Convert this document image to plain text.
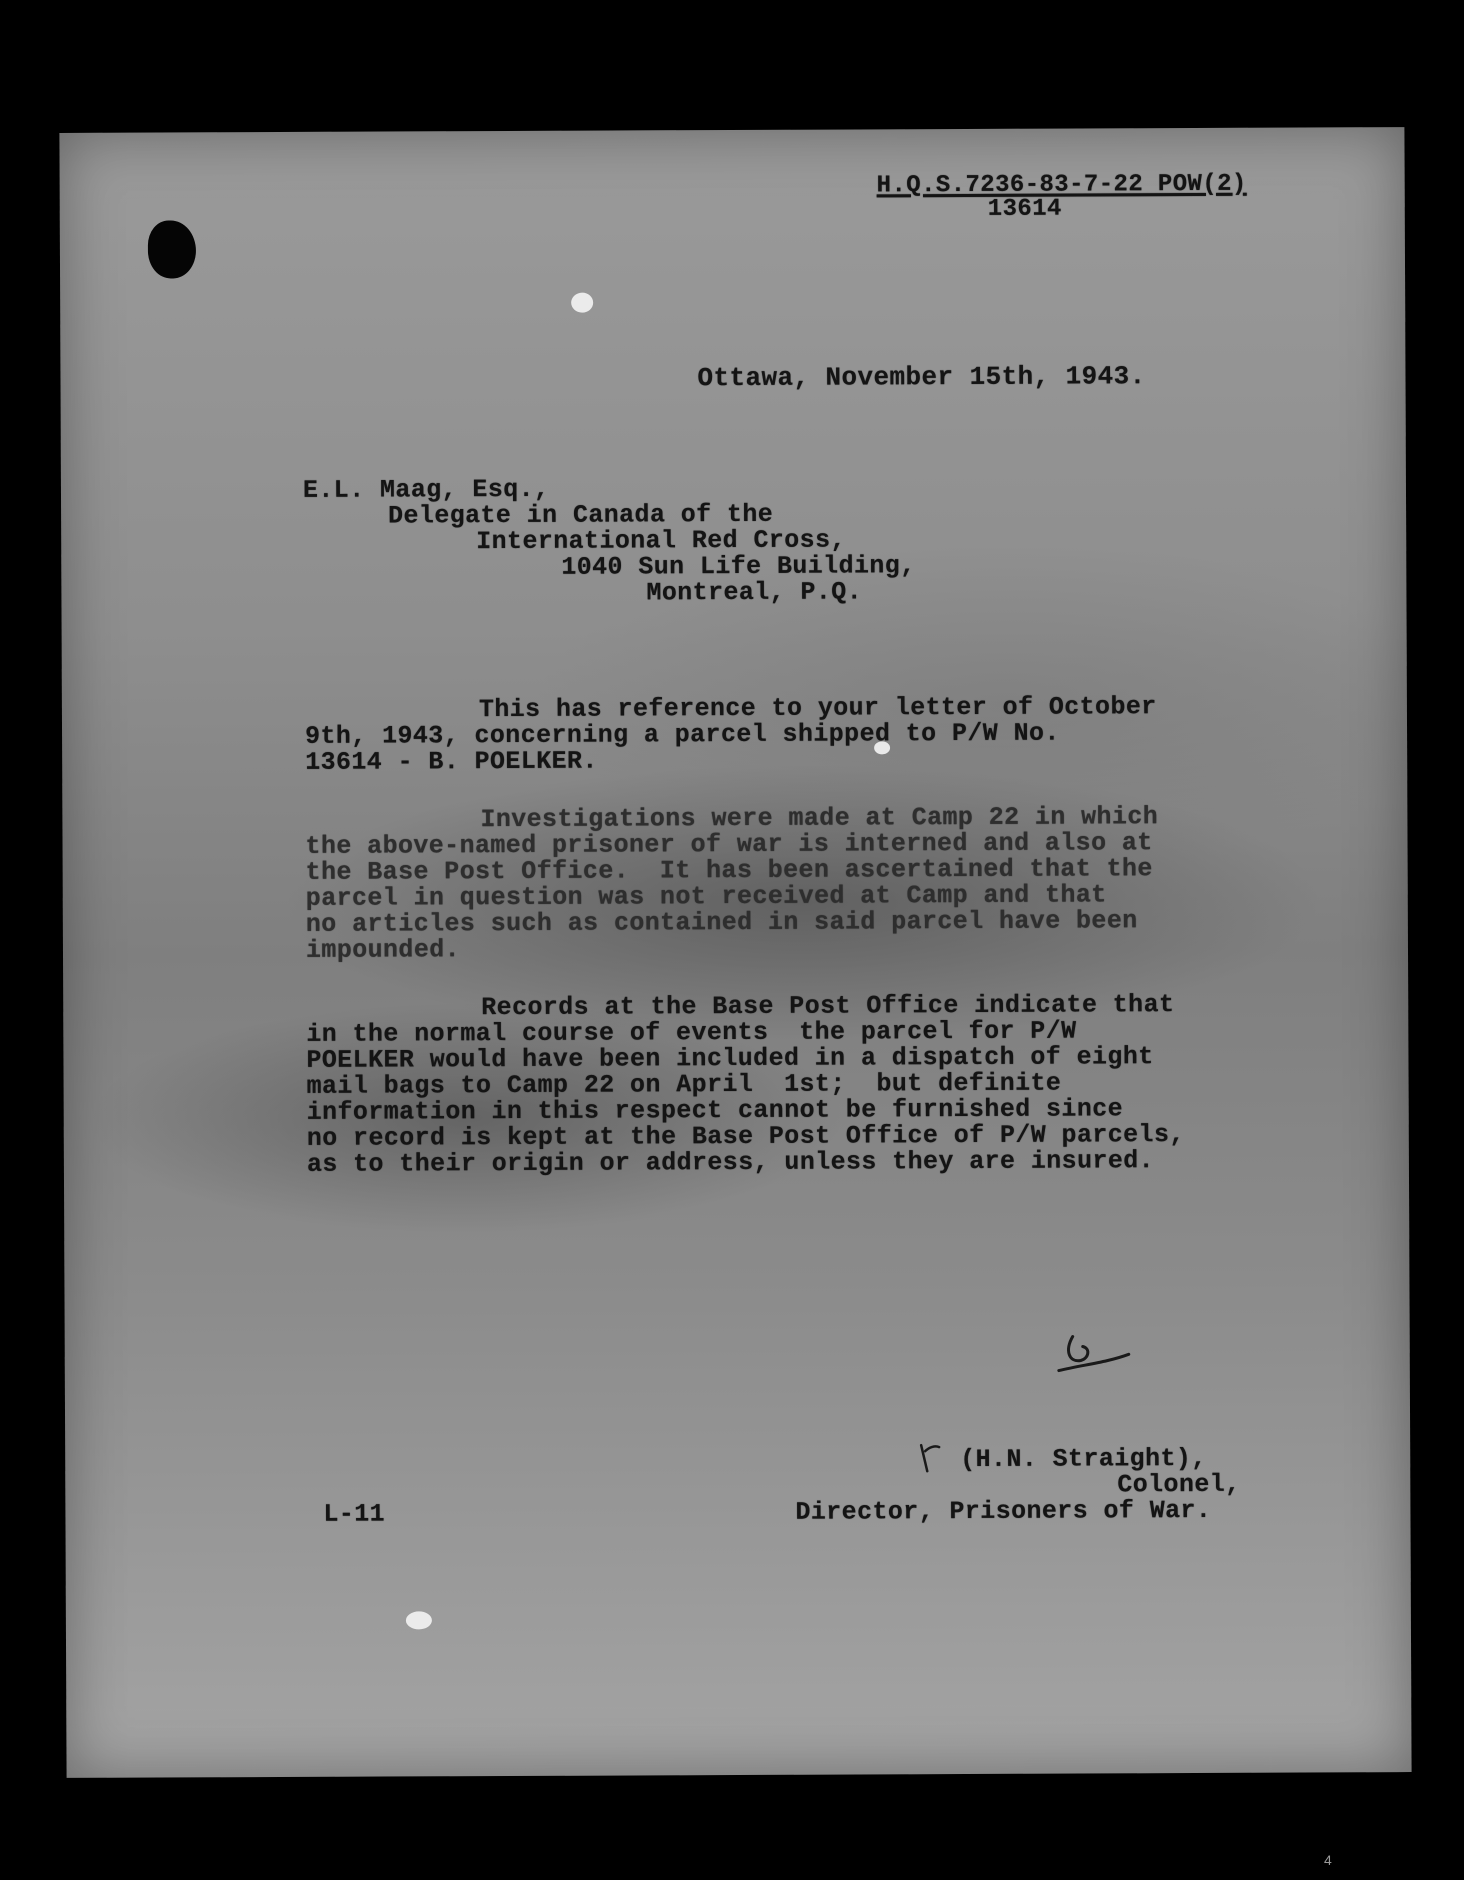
H.Q.S.7236-83-7-22 POW(2)
13614
Ottawa, November 15th, 1943.
E.L. Maag, Esq.,
Delegate in Canada of the
International Red Cross,
1040 Sun Life Building,
Montreal, P.Q.
This has reference to your letter of October
9th, 1943, concerning a parcel shipped to P/W No.
13614 - B. POELKER.
Investigations were made at Camp 22 in which
the above-named prisoner of war is interned and also at
the Base Post Office.  It has been ascertained that the
parcel in question was not received at Camp and that
no articles such as contained in said parcel have been
impounded.
Records at the Base Post Office indicate that
in the normal course of events  the parcel for P/W
POELKER would have been included in a dispatch of eight
mail bags to Camp 22 on April  1st;  but definite
information in this respect cannot be furnished since
no record is kept at the Base Post Office of P/W parcels,
as to their origin or address, unless they are insured.
(H.N. Straight),
Colonel,
Director, Prisoners of War.
L-11
4
